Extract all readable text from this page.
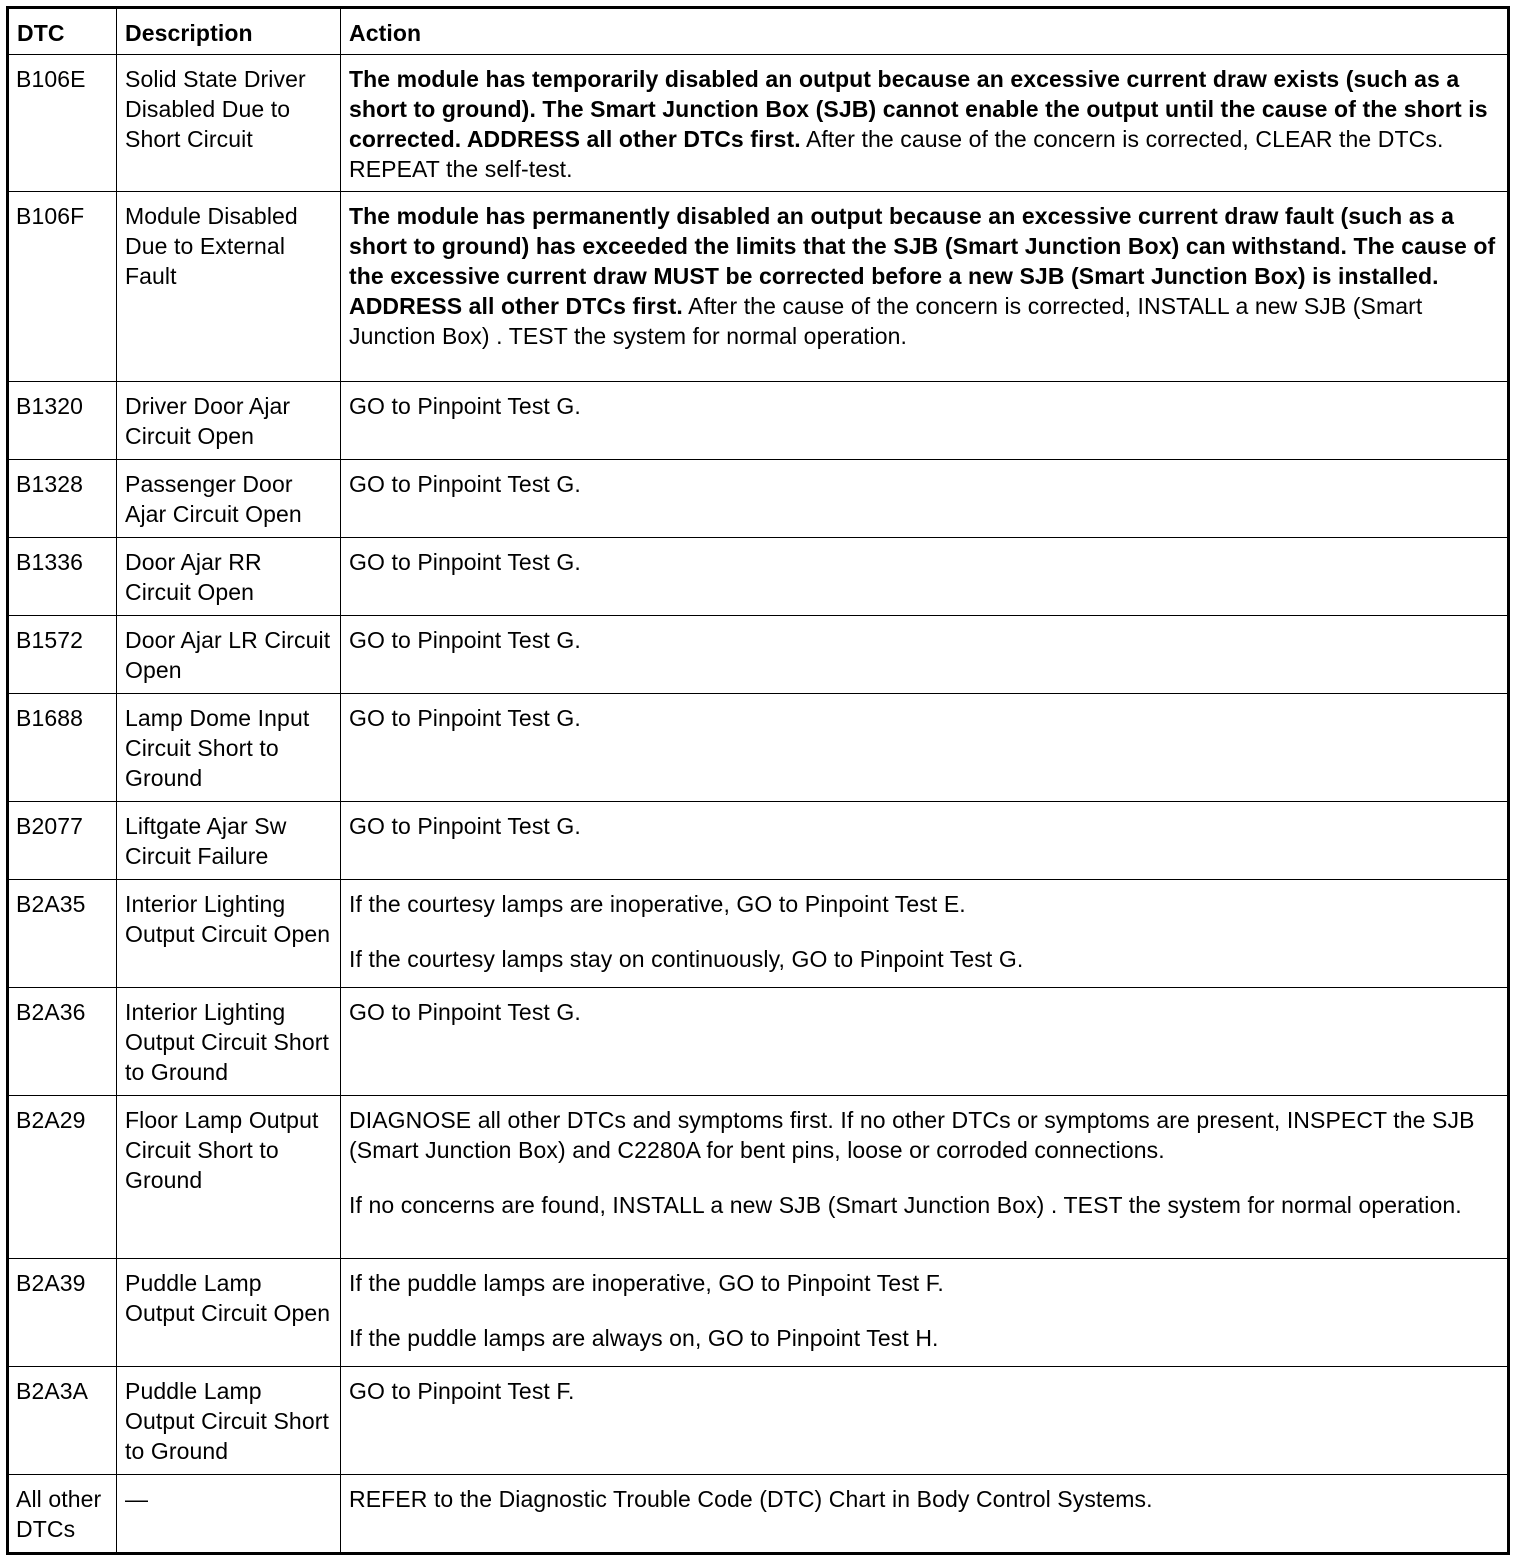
DTC	Description	Action
B106E	Solid State Driver Disabled Due to Short Circuit	The module has temporarily disabled an output because an excessive current draw exists (such as a short to ground). The Smart Junction Box (SJB) cannot enable the output until the cause of the short is corrected. ADDRESS all other DTCs first. After the cause of the concern is corrected, CLEAR the DTCs. REPEAT the self-test.
B106F	Module Disabled Due to External Fault	The module has permanently disabled an output because an excessive current draw fault (such as a short to ground) has exceeded the limits that the SJB (Smart Junction Box) can withstand. The cause of the excessive current draw MUST be corrected before a new SJB (Smart Junction Box) is installed. ADDRESS all other DTCs first. After the cause of the concern is corrected, INSTALL a new SJB (Smart Junction Box) . TEST the system for normal operation.
B1320	Driver Door Ajar Circuit Open	GO to Pinpoint Test G.

B1328	Passenger Door Ajar Circuit Open	GO to Pinpoint Test G.

B1336	Door Ajar RR Circuit Open	GO to Pinpoint Test G.

B1572	Door Ajar LR Circuit Open	GO to Pinpoint Test G.

B1688	Lamp Dome Input Circuit Short to Ground	GO to Pinpoint Test G.

B2077	Liftgate Ajar Sw Circuit Failure	GO to Pinpoint Test G.

B2A35	Interior Lighting Output Circuit Open	If the courtesy lamps are inoperative, GO to Pinpoint Test E.

If the courtesy lamps stay on continuously, GO to Pinpoint Test G.

B2A36	Interior Lighting Output Circuit Short to Ground	GO to Pinpoint Test G.

B2A29	Floor Lamp Output Circuit Short to Ground	DIAGNOSE all other DTCs and symptoms first. If no other DTCs or symptoms are present, INSPECT the SJB (Smart Junction Box) and C2280A for bent pins, loose or corroded connections.

If no concerns are found, INSTALL a new SJB (Smart Junction Box) . TEST the system for normal operation.

B2A39	Puddle Lamp Output Circuit Open	If the puddle lamps are inoperative, GO to Pinpoint Test F.

If the puddle lamps are always on, GO to Pinpoint Test H.

B2A3A	Puddle Lamp Output Circuit Short to Ground	GO to Pinpoint Test F.

All other DTCs	—	REFER to the Diagnostic Trouble Code (DTC) Chart in Body Control Systems.
